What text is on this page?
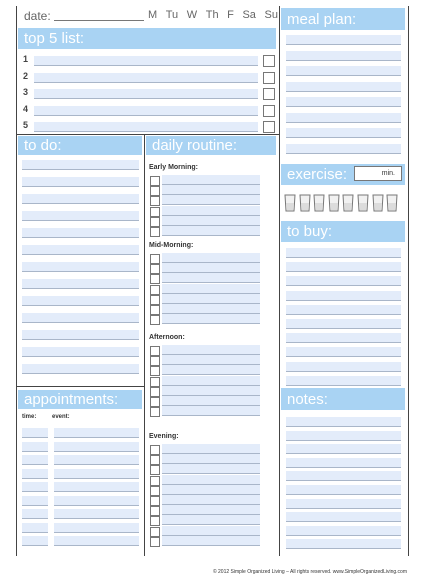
date:	M Tu W Th F Sa Su
top 5 list:
1
2
3
4
5
to do:	daily routine:
Early Morning:
Mid-Morning:
Afternoon:
Evening:
appointments:
time:	event:
meal plan:
exercise:	min.
to buy:
notes:
© 2012 Simple Organized Living – All rights reserved. www.SimpleOrganizedLiving.com
